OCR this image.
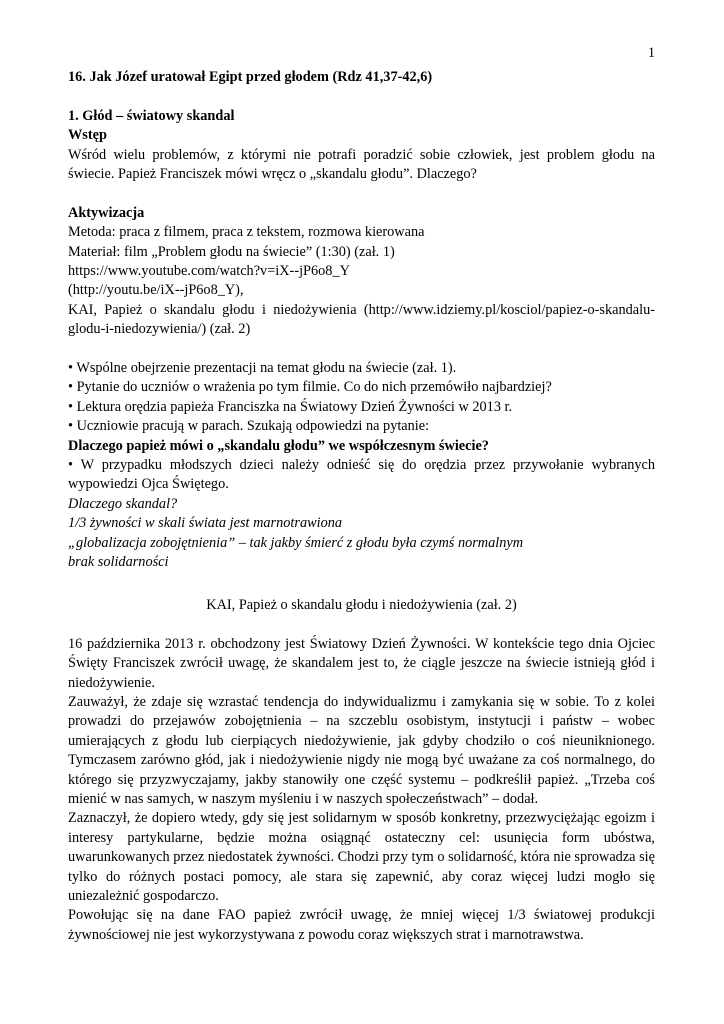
1

16. Jak Józef uratował Egipt przed głodem (Rdz 41,37-42,6)

1. Głód – światowy skandal

Wstęp

Wśród wielu problemów, z którymi nie potrafi poradzić sobie człowiek, jest problem głodu na świecie. Papież Franciszek mówi wręcz o „skandalu głodu”. Dlaczego?

Aktywizacja

Metoda: praca z filmem, praca z tekstem, rozmowa kierowana

Materiał: film „Problem głodu na świecie” (1:30) (zał. 1)

https://www.youtube.com/watch?v=iX--jP6o8_Y

(http://youtu.be/iX--jP6o8_Y),

KAI, Papież o skandalu głodu i niedożywienia (http://www.idziemy.pl/kosciol/papiez-o-skandalu-glodu-i-niedozywienia/) (zał. 2)

• Wspólne obejrzenie prezentacji na temat głodu na świecie (zał. 1).

• Pytanie do uczniów o wrażenia po tym filmie. Co do nich przemówiło najbardziej?

• Lektura orędzia papieża Franciszka na Światowy Dzień Żywności w 2013 r.

• Uczniowie pracują w parach. Szukają odpowiedzi na pytanie:

Dlaczego papież mówi o „skandalu głodu” we współczesnym świecie?

• W przypadku młodszych dzieci należy odnieść się do orędzia przez przywołanie wybranych wypowiedzi Ojca Świętego.

Dlaczego skandal?

1/3 żywności w skali świata jest marnotrawiona

„globalizacja zobojętnienia” – tak jakby śmierć z głodu była czymś normalnym

brak solidarności

KAI, Papież o skandalu głodu i niedożywienia (zał. 2)

16 października 2013 r. obchodzony jest Światowy Dzień Żywności. W kontekście tego dnia Ojciec Święty Franciszek zwrócił uwagę, że skandalem jest to, że ciągle jeszcze na świecie istnieją głód i niedożywienie.

Zauważył, że zdaje się wzrastać tendencja do indywidualizmu i zamykania się w sobie. To z kolei prowadzi do przejawów zobojętnienia – na szczeblu osobistym, instytucji i państw – wobec umierających z głodu lub cierpiących niedożywienie, jak gdyby chodziło o coś nieuniknionego. Tymczasem zarówno głód, jak i niedożywienie nigdy nie mogą być uważane za coś normalnego, do którego się przyzwyczajamy, jakby stanowiły one część systemu – podkreślił papież. „Trzeba coś mienić w nas samych, w naszym myśleniu i w naszych społeczeństwach” – dodał.

Zaznaczył, że dopiero wtedy, gdy się jest solidarnym w sposób konkretny, przezwyciężając egoizm i interesy partykularne, będzie można osiągnąć ostateczny cel: usunięcia form ubóstwa, uwarunkowanych przez niedostatek żywności. Chodzi przy tym o solidarność, która nie sprowadza się tylko do różnych postaci pomocy, ale stara się zapewnić, aby coraz więcej ludzi mogło się uniezależnić gospodarczo.

Powołując się na dane FAO papież zwrócił uwagę, że mniej więcej 1/3 światowej produkcji żywnościowej nie jest wykorzystywana z powodu coraz większych strat i marnotrawstwa.
